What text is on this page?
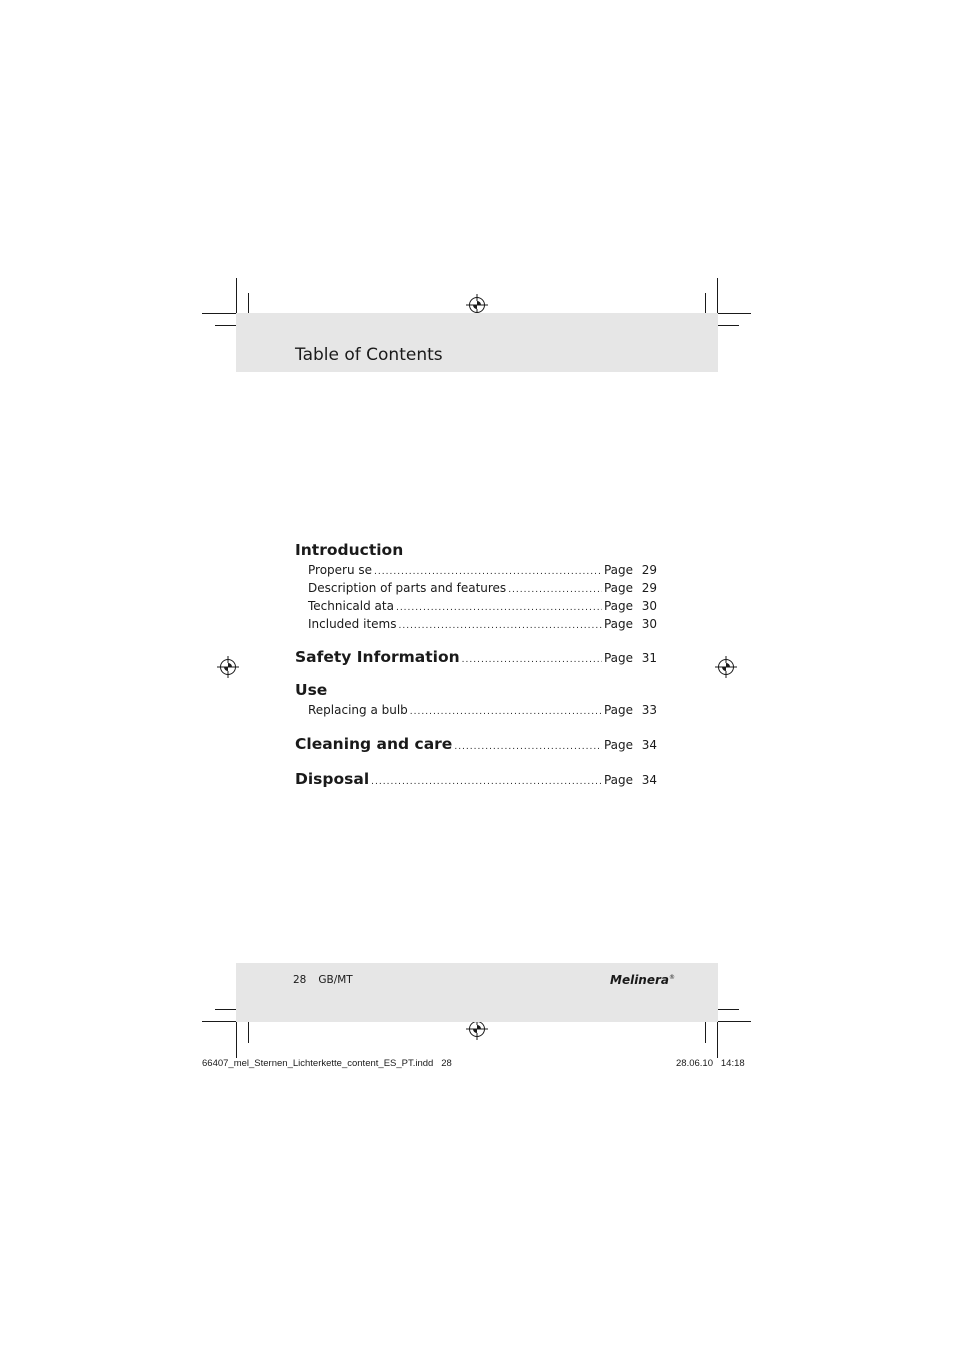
Table of Contents
Introduction
Properu se .....	Page 29
Description of parts and features .....	Page 29
Technicald ata .....	Page 30
Included items .....	Page 30
Safety Information .....	Page 31
Use
Replacing a bulb .....	Page 33
Cleaning and care .....	Page 34
Disposal .....	Page 34
28 GB/MT	Melinera®
66407_mel_Sternen_Lichterkette_content_ES_PT.indd   28	28.06.10   14:18
